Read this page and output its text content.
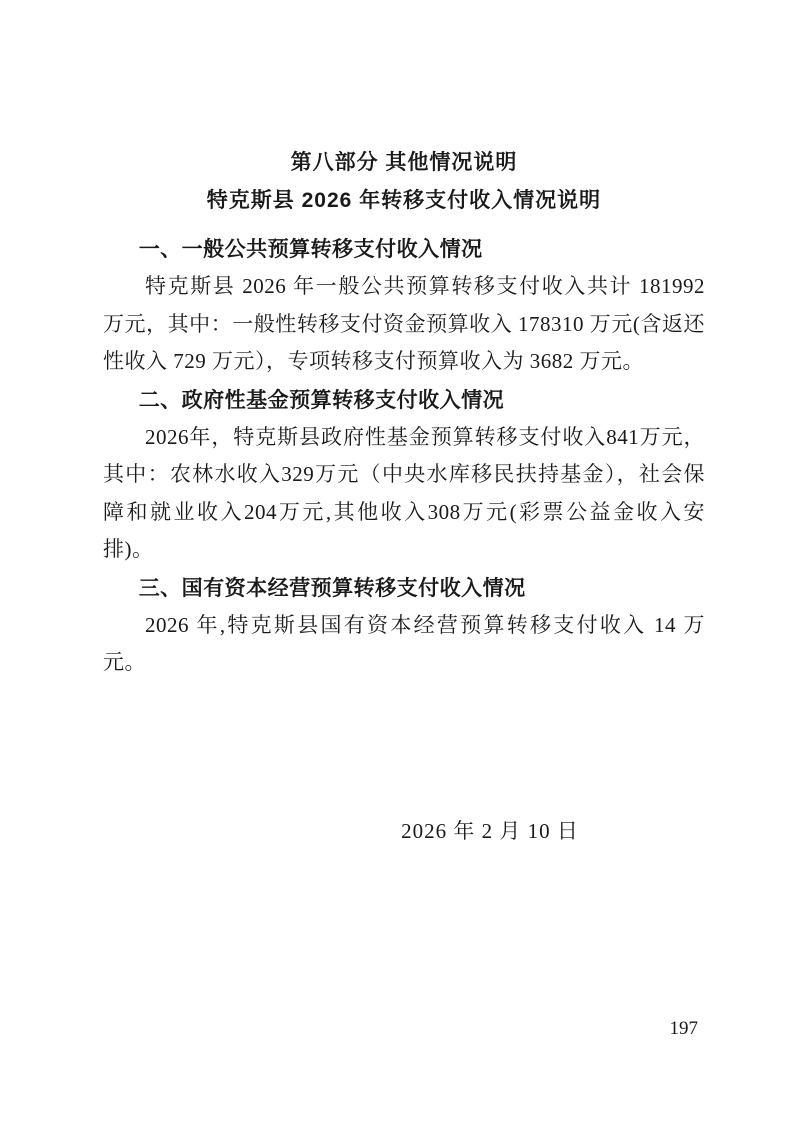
第八部分 其他情况说明
特克斯县 2026 年转移支付收入情况说明
一、一般公共预算转移支付收入情况

特克斯县 2026 年一般公共预算转移支付收入共计 181992 万元，其中：一般性转移支付资金预算收入 178310 万元(含返还性收入 729 万元），专项转移支付预算收入为 3682 万元。

二、政府性基金预算转移支付收入情况

2026年，特克斯县政府性基金预算转移支付收入841万元，其中：农林水收入329万元（中央水库移民扶持基金），社会保障和就业收入204万元,其他收入308万元(彩票公益金收入安排)。

三、国有资本经营预算转移支付收入情况

2026 年,特克斯县国有资本经营预算转移支付收入 14 万元。

2026 年 2 月 10 日

197
